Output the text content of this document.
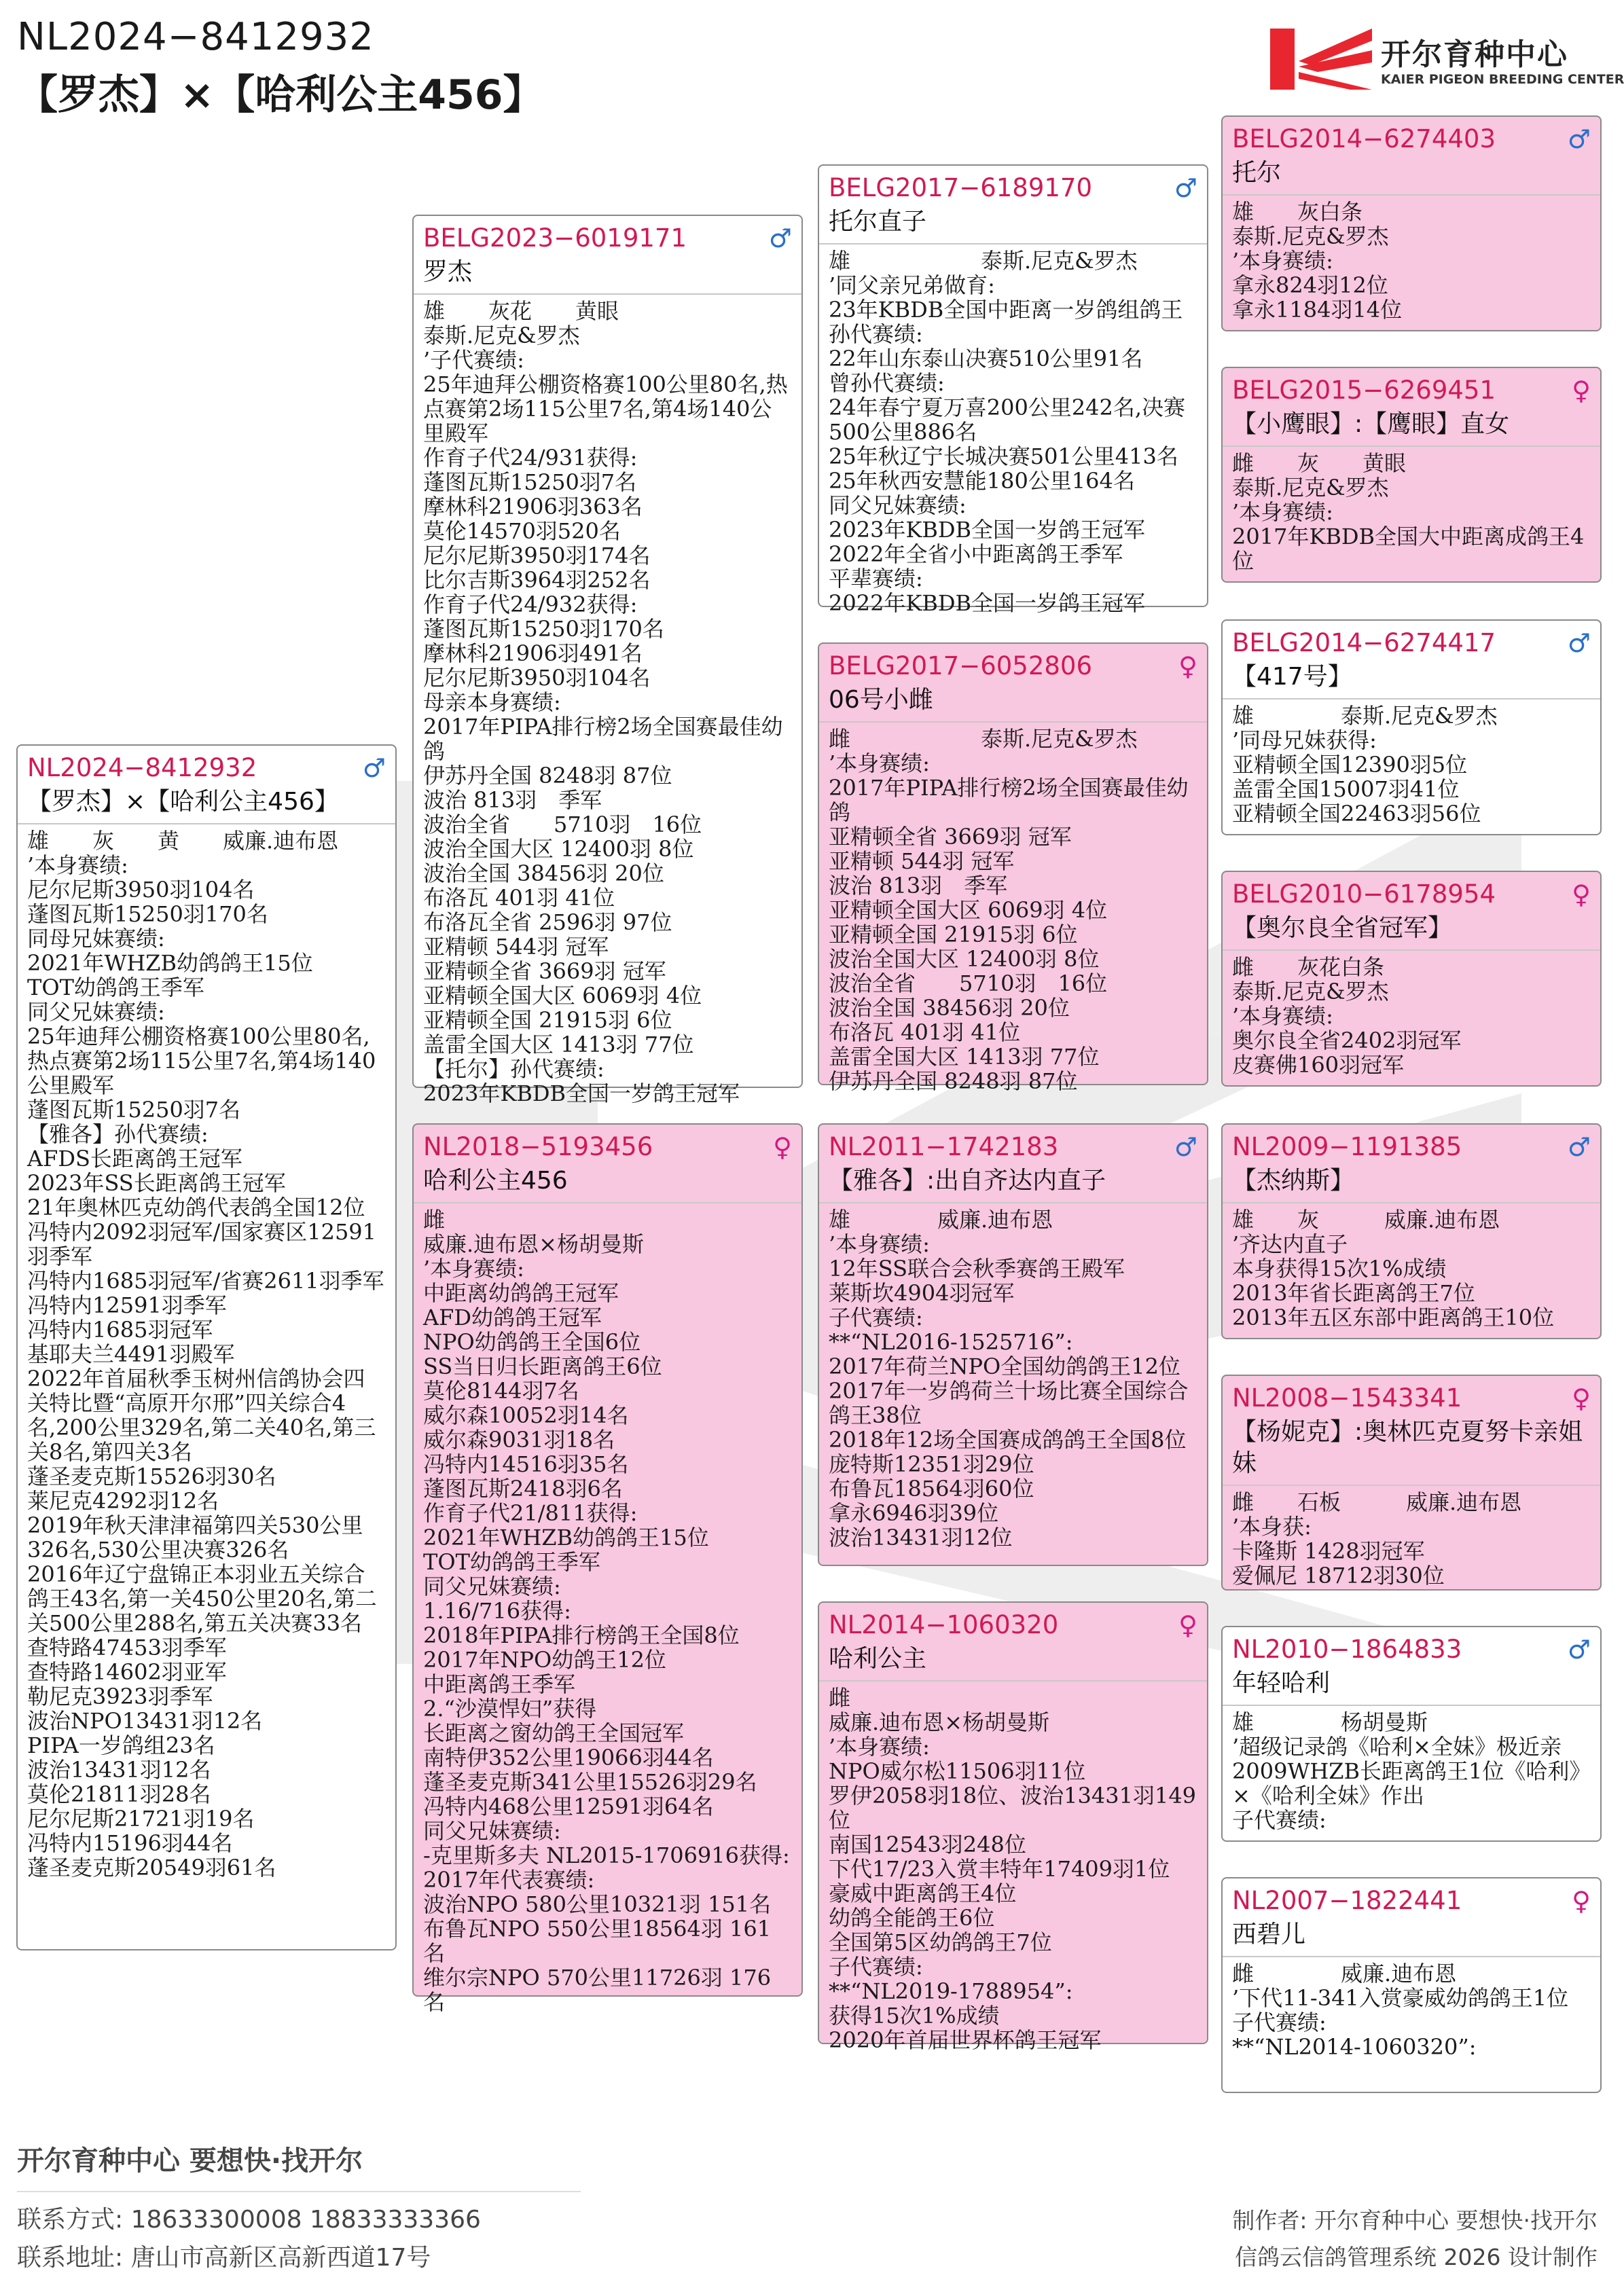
NL2024−8412932
【罗杰】×【哈利公主456】
开尔育种中心
KAIER PIGEON BREEDING CENTER
NL2024−8412932
【罗杰】×【哈利公主456】
♂
雄　　灰　　黄　　威廉.迪布恩
’本身赛绩:
尼尔尼斯3950羽104名
蓬图瓦斯15250羽170名
同母兄妹赛绩:
2021年WHZB幼鸽鸽王15位
TOT幼鸽鸽王季军
同父兄妹赛绩:
25年迪拜公棚资格赛100公里80名,热点赛第2场115公里7名,第4场140公里殿军
蓬图瓦斯15250羽7名
【雅各】孙代赛绩:
AFDS长距离鸽王冠军
2023年SS长距离鸽王冠军
21年奥林匹克幼鸽代表鸽全国12位
冯特内2092羽冠军/国家赛区12591羽季军
冯特内1685羽冠军/省赛2611羽季军
冯特内12591羽季军
冯特内1685羽冠军
基耶夫兰4491羽殿军
2022年首届秋季玉树州信鸽协会四关特比暨“高原开尔邢”四关综合4名,200公里329名,第二关40名,第三关8名,第四关3名
蓬圣麦克斯15526羽30名
莱尼克4292羽12名
2019年秋天津津福第四关530公里326名,530公里决赛326名
2016年辽宁盘锦正本羽业五关综合鸽王43名,第一关450公里20名,第二关500公里288名,第五关决赛33名
查特路47453羽季军
查特路14602羽亚军
勒尼克3923羽季军
波治NPO13431羽12名
PIPA一岁鸽组23名
波治13431羽12名
莫伦21811羽28名
尼尔尼斯21721羽19名
冯特内15196羽44名
蓬圣麦克斯20549羽61名
BELG2023−6019171
罗杰
♂
雄　　灰花　　黄眼
泰斯.尼克&罗杰
’子代赛绩:
25年迪拜公棚资格赛100公里80名,热点赛第2场115公里7名,第4场140公里殿军
作育子代24/931获得:
蓬图瓦斯15250羽7名
摩林科21906羽363名
莫伦14570羽520名
尼尔尼斯3950羽174名
比尔吉斯3964羽252名
作育子代24/932获得:
蓬图瓦斯15250羽170名
摩林科21906羽491名
尼尔尼斯3950羽104名
母亲本身赛绩:
2017年PIPA排行榜2场全国赛最佳幼鸽
伊苏丹全国 8248羽 87位
波治 813羽　季军
波治全省　　5710羽　16位
波治全国大区 12400羽 8位
波治全国 38456羽 20位
布洛瓦 401羽 41位
布洛瓦全省 2596羽 97位
亚精顿 544羽 冠军
亚精顿全省 3669羽 冠军
亚精顿全国大区 6069羽 4位
亚精顿全国 21915羽 6位
盖雷全国大区 1413羽 77位
【托尔】孙代赛绩:
2023年KBDB全国一岁鸽王冠军
NL2018−5193456
哈利公主456
♀
雌
威廉.迪布恩×杨胡曼斯
’本身赛绩:
中距离幼鸽鸽王冠军
AFD幼鸽鸽王冠军
NPO幼鸽鸽王全国6位
SS当日归长距离鸽王6位
莫伦8144羽7名
威尔森10052羽14名
威尔森9031羽18名
冯特内14516羽35名
蓬图瓦斯2418羽6名
作育子代21/811获得:
2021年WHZB幼鸽鸽王15位
TOT幼鸽鸽王季军
同父兄妹赛绩:
1.16/716获得:
2018年PIPA排行榜鸽王全国8位
2017年NPO幼鸽王12位
中距离鸽王季军
2.“沙漠悍妇”获得
长距离之窗幼鸽王全国冠军
南特伊352公里19066羽44名
蓬圣麦克斯341公里15526羽29名
冯特内468公里12591羽64名
同父兄妹赛绩:
-克里斯多夫 NL2015-1706916获得:
2017年代表赛绩:
波治NPO 580公里10321羽 151名
布鲁瓦NPO 550公里18564羽 161名
维尔宗NPO 570公里11726羽 176名
BELG2017−6189170
托尔直子
♂
雄　　　　　　泰斯.尼克&罗杰
’同父亲兄弟做育:
23年KBDB全国中距离一岁鸽组鸽王孙代赛绩:
22年山东泰山决赛510公里91名
曾孙代赛绩:
24年春宁夏万喜200公里242名,决赛500公里886名
25年秋辽宁长城决赛501公里413名
25年秋西安慧能180公里164名
同父兄妹赛绩:
2023年KBDB全国一岁鸽王冠军
2022年全省小中距离鸽王季军
平辈赛绩:
2022年KBDB全国一岁鸽王冠军
BELG2017−6052806
06号小雌
♀
雌　　　　　　泰斯.尼克&罗杰
’本身赛绩:
2017年PIPA排行榜2场全国赛最佳幼鸽
亚精顿全省 3669羽 冠军
亚精顿 544羽 冠军
波治 813羽　季军
亚精顿全国大区 6069羽 4位
亚精顿全国 21915羽 6位
波治全国大区 12400羽 8位
波治全省　　5710羽　16位
波治全国 38456羽 20位
布洛瓦 401羽 41位
盖雷全国大区 1413羽 77位
伊苏丹全国 8248羽 87位
NL2011−1742183
【雅各】:出自齐达内直子
♂
雄　　　　威廉.迪布恩
’本身赛绩:
12年SS联合会秋季赛鸽王殿军
莱斯坎4904羽冠军
子代赛绩:
**“NL2016-1525716”:
2017年荷兰NPO全国幼鸽鸽王12位
2017年一岁鸽荷兰十场比赛全国综合鸽王38位
2018年12场全国赛成鸽鸽王全国8位
庞特斯12351羽29位
布鲁瓦18564羽60位
拿永6946羽39位
波治13431羽12位
NL2014−1060320
哈利公主
♀
雌
威廉.迪布恩×杨胡曼斯
’本身赛绩:
NPO威尔松11506羽11位
罗伊2058羽18位、波治13431羽149位
南国12543羽248位
下代17/23入赏丰特年17409羽1位
豪威中距离鸽王4位
幼鸽全能鸽王6位
全国第5区幼鸽鸽王7位
子代赛绩:
**“NL2019-1788954”:
获得15次1%成绩
2020年首届世界杯鸽王冠军
BELG2014−6274403
托尔
♂
雄　　灰白条
泰斯.尼克&罗杰
’本身赛绩:
拿永824羽12位
拿永1184羽14位
BELG2015−6269451
【小鹰眼】:【鹰眼】直女
♀
雌　　灰　　黄眼
泰斯.尼克&罗杰
’本身赛绩:
2017年KBDB全国大中距离成鸽王4位
BELG2014−6274417
【417号】
♂
雄　　　　泰斯.尼克&罗杰
’同母兄妹获得:
亚精顿全国12390羽5位
盖雷全国15007羽41位
亚精顿全国22463羽56位
BELG2010−6178954
【奥尔良全省冠军】
♀
雌　　灰花白条
泰斯.尼克&罗杰
’本身赛绩:
奥尔良全省2402羽冠军
皮赛佛160羽冠军
NL2009−1191385
【杰纳斯】
♂
雄　　灰　　　威廉.迪布恩
’齐达内直子
本身获得15次1%成绩
2013年省长距离鸽王7位
2013年五区东部中距离鸽王10位
NL2008−1543341
【杨妮克】:奥林匹克夏努卡亲姐妹
♀
雌　　石板　　　威廉.迪布恩
’本身获:
卡隆斯 1428羽冠军
爱佩尼 18712羽30位
NL2010−1864833
年轻哈利
♂
雄　　　　杨胡曼斯
’超级记录鸽《哈利×全妹》极近亲2009WHZB长距离鸽王1位《哈利》×《哈利全妹》作出
子代赛绩:
NL2007−1822441
西碧儿
♀
雌　　　　威廉.迪布恩
’下代11-341入赏豪威幼鸽鸽王1位
子代赛绩:
**“NL2014-1060320”:
开尔育种中心 要想快·找开尔
联系方式: 18633300008 18833333366
联系地址: 唐山市高新区高新西道17号
制作者: 开尔育种中心 要想快·找开尔
信鸽云信鸽管理系统 2026 设计制作
